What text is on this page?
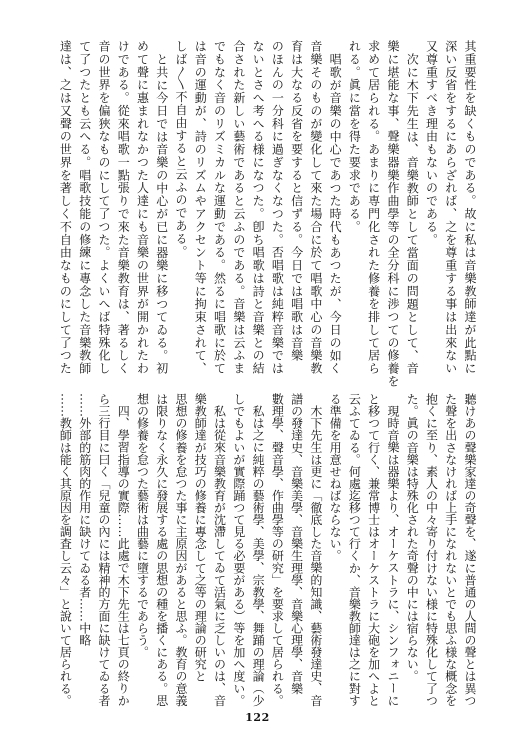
其重要性を缺くものである。故に私は音樂教師達が此點に
深い反省をするにあらざれば、之を尊重する事は出來ない
又尊重すべき理由もないのである。
次に木下先生は、音樂教師として當面の問題として、音
樂に堪能な事、聲樂器樂作曲學等の全分科に渉つての修養を
求めて居られる。あまりに専門化された修養を排して居ら
れる。眞に當を得た要求である。
唱歌が音樂の中心であつた時代もあつたが、今日の如く
音樂そのものが變化して來た場合に於て唱歌中心の音樂教
育は大なる反省を要すると信ずる。今日では唱歌は音樂
のほんの一分科に過ぎなくなつた。否唱歌は純粹音樂では
ないとさへ考へる様になつた。卽ち唱歌は詩と音樂との結
合された新しい藝術であると云ふのである。音樂は云ふま
でもなく音のリズミカルな運動である。然るに唱歌に於て
は音の運動が、詩のリズムやアクセント等に拘束されて、
しば〳〵不自由すると云ふのである。
と共に今日では音樂の中心が已に器樂に移つてゐる。初
めて聲に惠まれなかつた人達にも音樂の世界が開かれたわ
けである。從來唱歌一點張りで來た音樂教育は、著るしく
音の世界を偏狹なものにして了つた。よくいへば特殊化し
て了つたとも云へる。唱歌技能の修練に專念した音樂教師
達は、之は又聲の世界を著しく不自由なものにして了つた
聽けあの聲樂家達の奇聲を、遂に普通の人間の聲とは異つ
た聲を出さなければ上手になれないとでも思ふ様な概念を
抱くに至り、素人の中々寄り付けない様に特殊化して了つ
た。眞の音樂は特殊化された奇聲の中には宿らない。
現時音樂は器樂より、オーケストラに、シンフォニーに
と移つて行く、兼常博士はオーケストラに大砲を加へよと
云ふてゐる。何處迄移つて行くか、音樂教師達は之に對す
る準備を用意せねばならない。
木下先生は更に「徹底した音樂的知識、藝術發達史、音
譜の發達史、音樂美學、音樂生理學、音樂心理學、音樂
數理學、聲音學、作曲學等の研究」を要求して居られる。
私は之に純粹の藝術學、美學、宗教學、舞踊の理論（少
しでもよいが實際踊つて見る必要がある）等を加へ度い。
私は從來音樂教育が沈滯してゐて活氣に乏しいのは、音
樂教師達が技巧の修養に專念して之等の理論の研究と
思想の修養を怠つた事に主原因があると思ふ。教育の意義
は限りなく永久に發展する處の思想の種を播くにある。思
想の修養を怠つた藝術は曲藝に墮するであらう。
四、學習指導の實際……此處で木下先生は七頁の終りか
ら三行目に曰く「兒童の內には精神的方面に缺けてゐる者
……外部的筋肉的作用に缺けてゐる者……中略
……教師は能く其原因を調査し云々」と說いて居られる。
122
